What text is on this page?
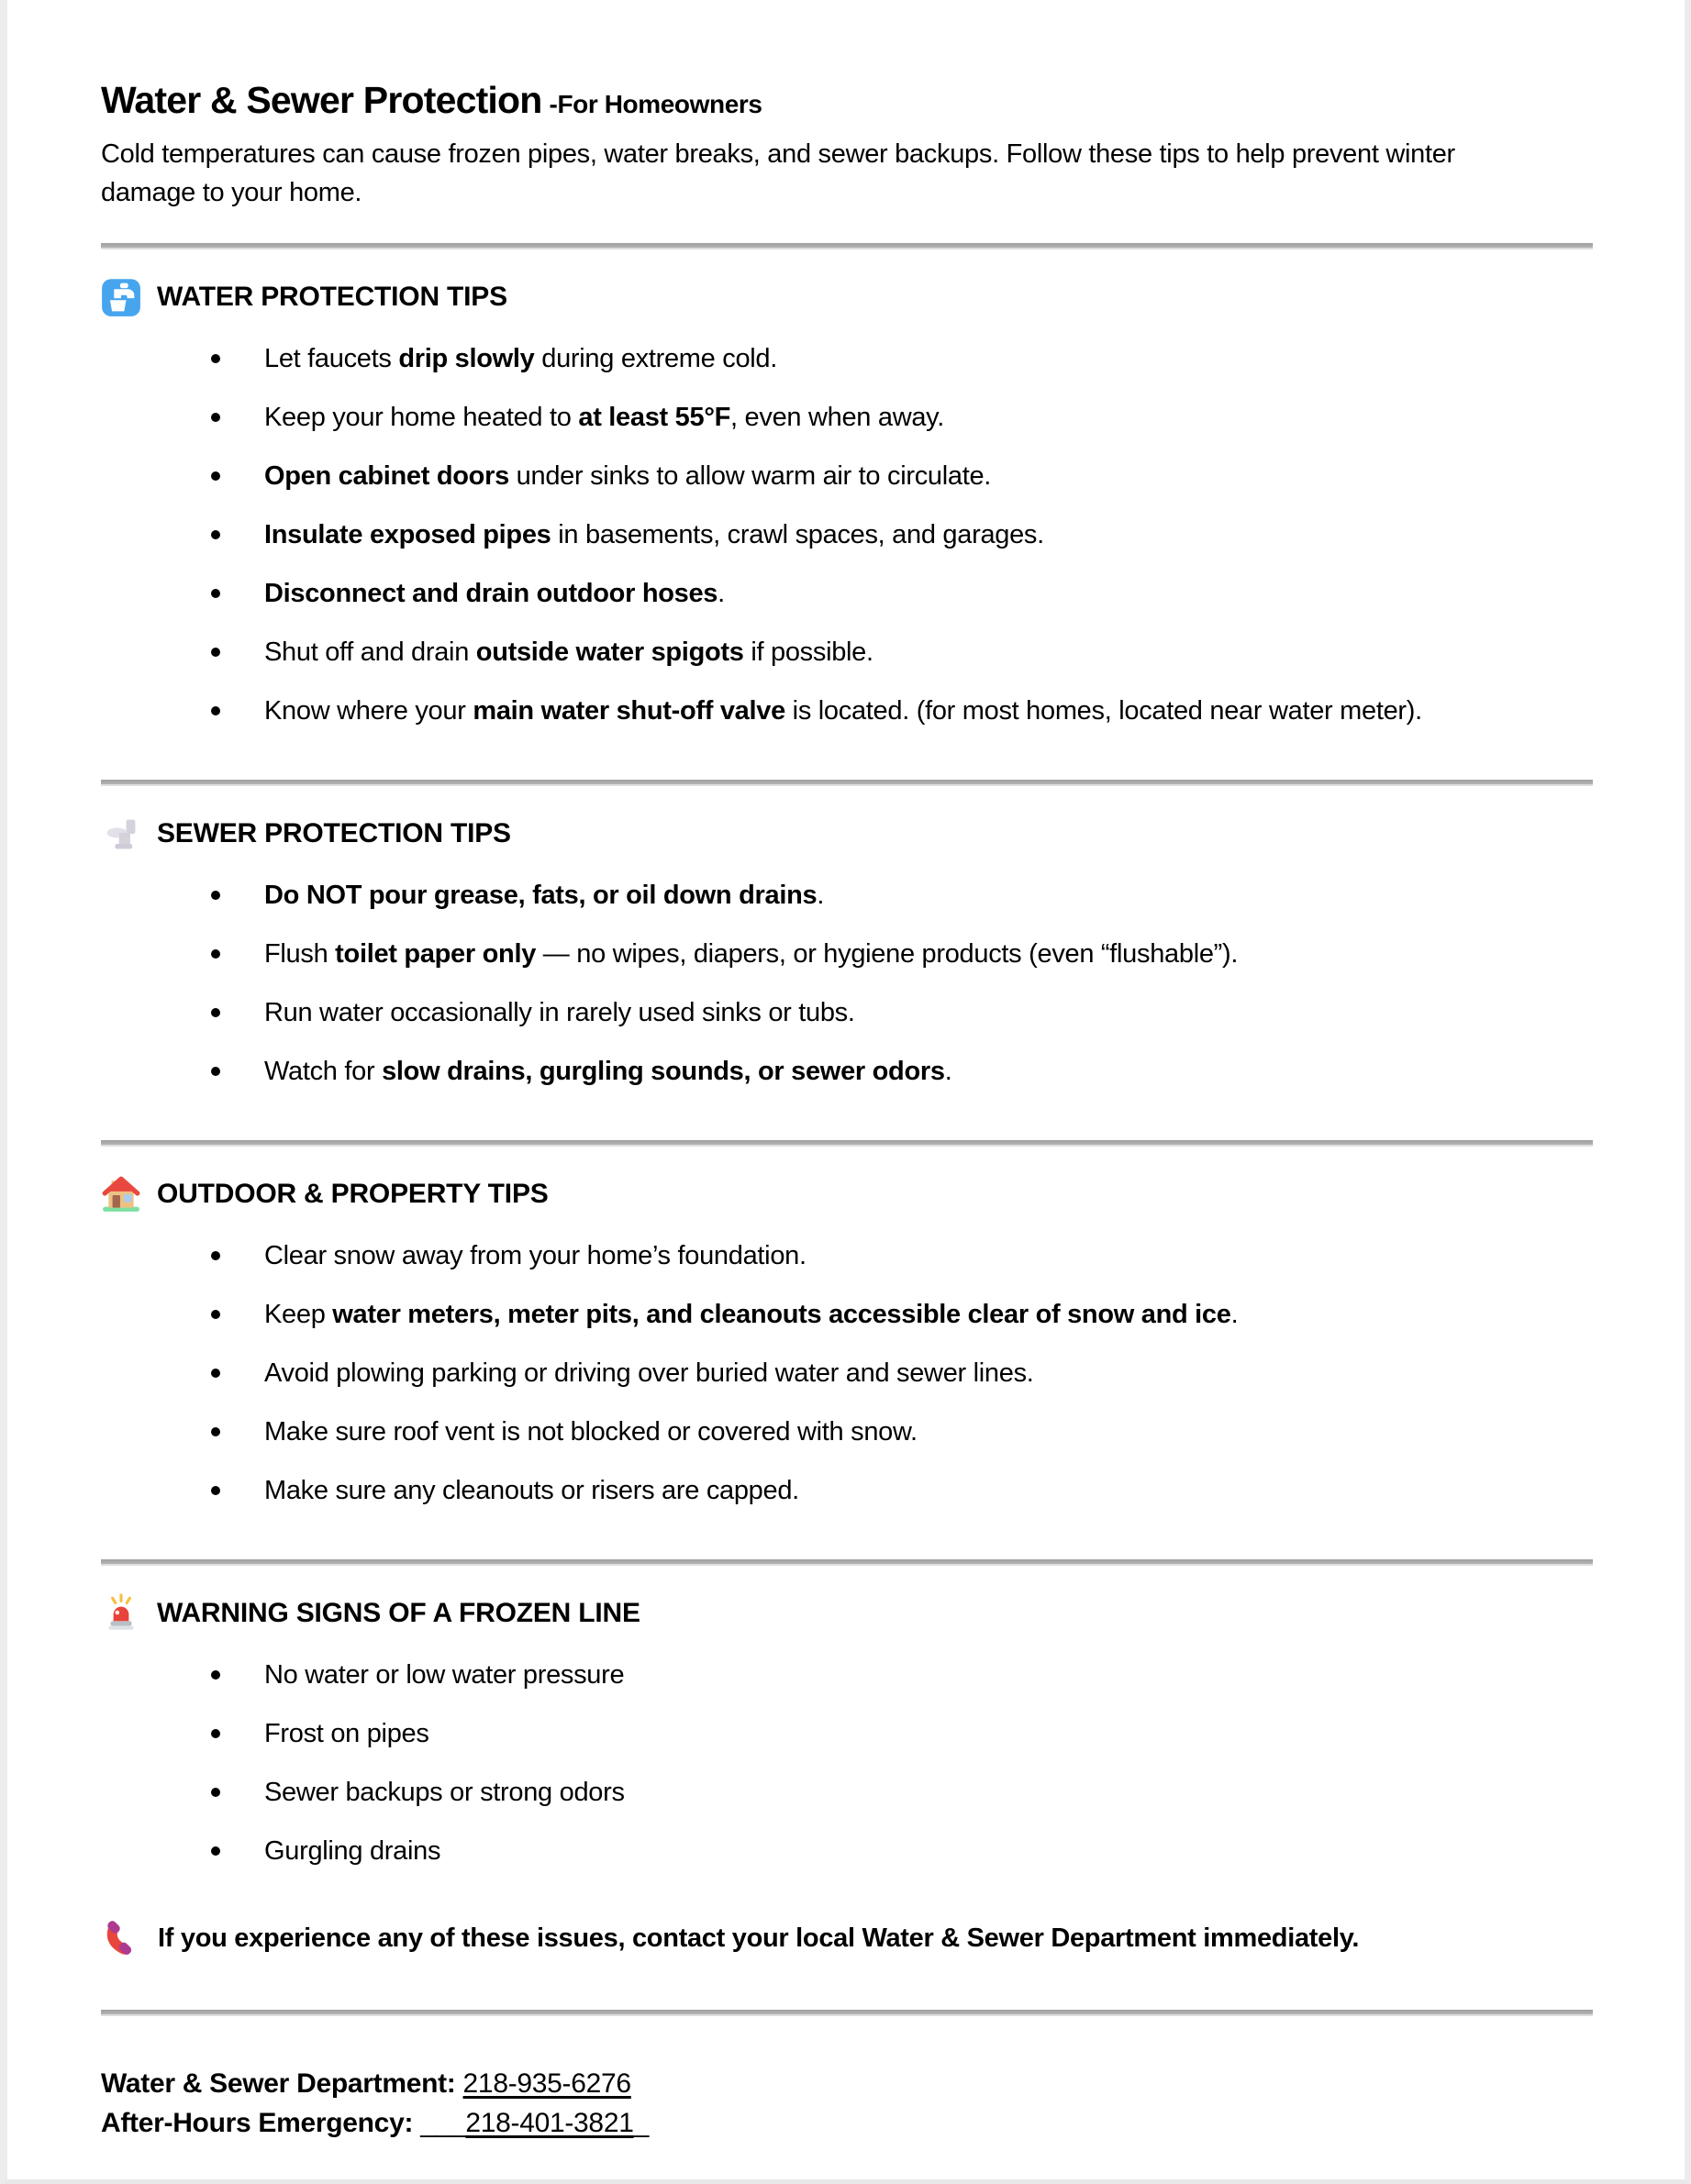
Water & Sewer Protection -For Homeowners
Cold temperatures can cause frozen pipes, water breaks, and sewer backups. Follow these tips to help prevent winter damage to your home.
WATER PROTECTION TIPS
Let faucets drip slowly during extreme cold.
Keep your home heated to at least 55°F, even when away.
Open cabinet doors under sinks to allow warm air to circulate.
Insulate exposed pipes in basements, crawl spaces, and garages.
Disconnect and drain outdoor hoses.
Shut off and drain outside water spigots if possible.
Know where your main water shut-off valve is located. (for most homes, located near water meter).
SEWER PROTECTION TIPS
Do NOT pour grease, fats, or oil down drains.
Flush toilet paper only — no wipes, diapers, or hygiene products (even “flushable”).
Run water occasionally in rarely used sinks or tubs.
Watch for slow drains, gurgling sounds, or sewer odors.
OUTDOOR & PROPERTY TIPS
Clear snow away from your home’s foundation.
Keep water meters, meter pits, and cleanouts accessible clear of snow and ice.
Avoid plowing parking or driving over buried water and sewer lines.
Make sure roof vent is not blocked or covered with snow.
Make sure any cleanouts or risers are capped.
WARNING SIGNS OF A FROZEN LINE
No water or low water pressure
Frost on pipes
Sewer backups or strong odors
Gurgling drains
If you experience any of these issues, contact your local Water & Sewer Department immediately.
Water & Sewer Department: 218-935-6276
After-Hours Emergency: ___218-401-3821_
